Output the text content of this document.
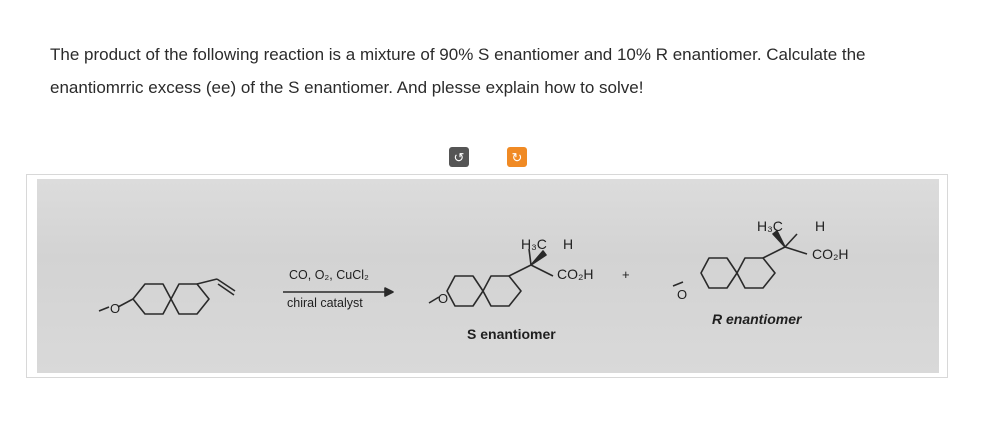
The product of the following reaction is a mixture of 90% S enantiomer and 10% R enantiomer. Calculate the
enantiomrric excess (ee) of the S enantiomer. And plesse explain how to solve!
↺	↻
O
CO, O₂, CuCl₂
chiral catalyst	O
H₃C H
CO₂H +
S enantiomer
O
H₃C H
CO₂H
R enantiomer
